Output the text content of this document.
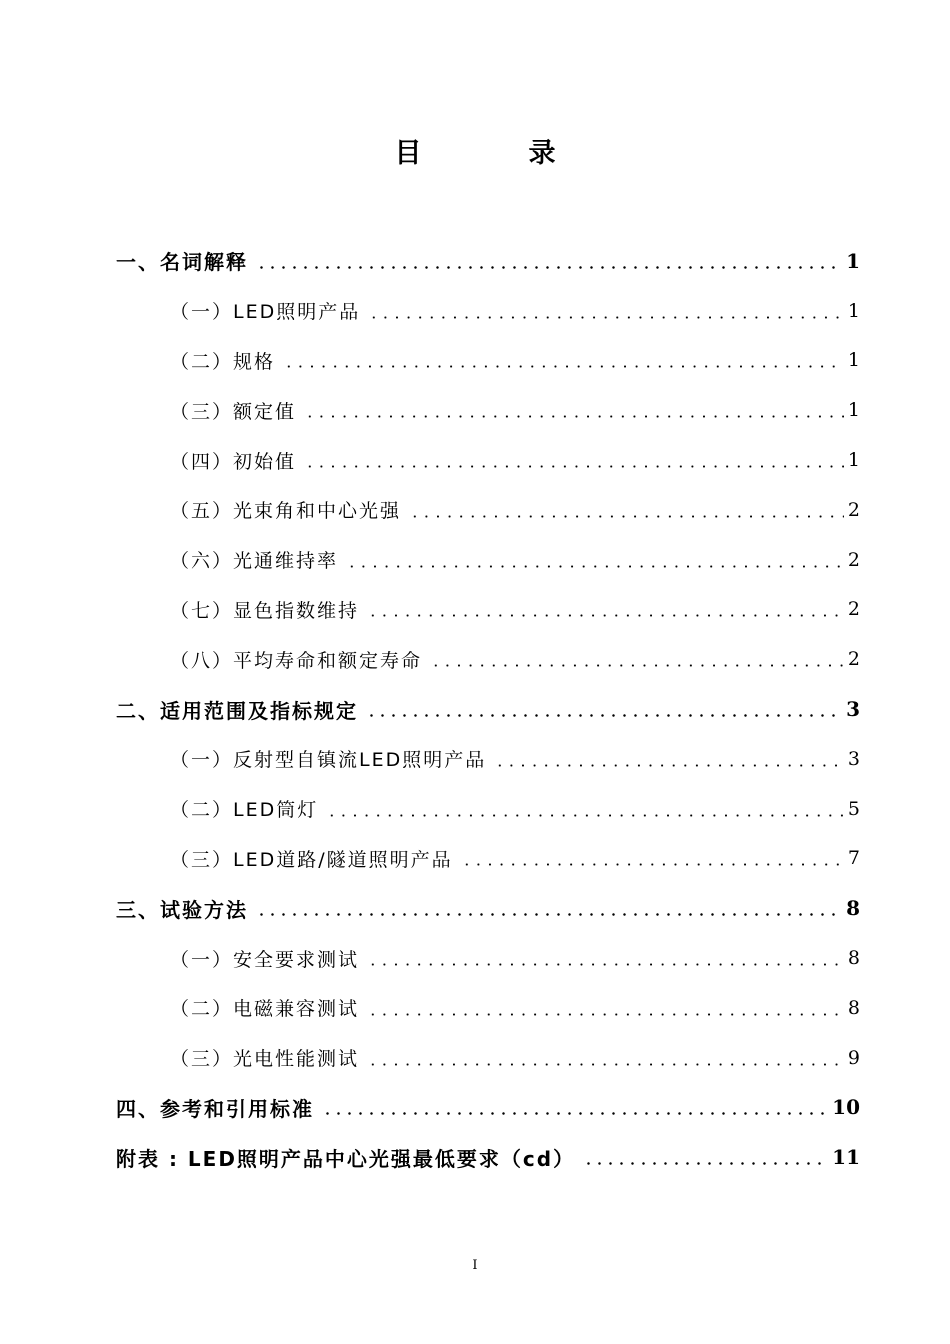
目　录
一、名词解释	1
（一）LED照明产品	1
（二）规格	1
（三）额定值	1
（四）初始值	1
（五）光束角和中心光强	2
（六）光通维持率	2
（七）显色指数维持	2
（八）平均寿命和额定寿命	2
二、适用范围及指标规定	3
（一）反射型自镇流LED照明产品	3
（二）LED筒灯	5
（三）LED道路/隧道照明产品	7
三、试验方法	8
（一）安全要求测试	8
（二）电磁兼容测试	8
（三）光电性能测试	9
四、参考和引用标准	10
附表 : LED照明产品中心光强最低要求（cd）	11
I
